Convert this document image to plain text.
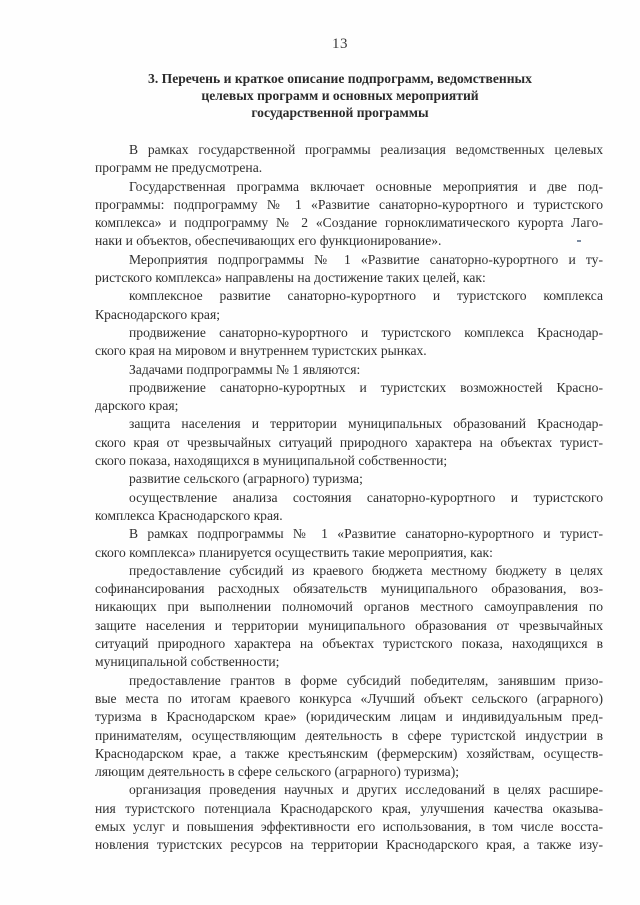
13
3. Перечень и краткое описание подпрограмм, ведомственных
целевых программ и основных мероприятий
государственной программы
В рамках государственной программы реализация ведомственных целевых
программ не предусмотрена.
Государственная программа включает основные мероприятия и две под-
программы: подпрограмму № 1 «Развитие санаторно-курортного и туристского
комплекса» и подпрограмму № 2 «Создание горноклиматического курорта Лаго-
наки и объектов, обеспечивающих его функционирование».
Мероприятия подпрограммы № 1 «Развитие санаторно-курортного и ту-
ристского комплекса» направлены на достижение таких целей, как:
комплексное развитие санаторно-курортного и туристского комплекса
Краснодарского края;
продвижение санаторно-курортного и туристского комплекса Краснодар-
ского края на мировом и внутреннем туристских рынках.
Задачами подпрограммы № 1 являются:
продвижение санаторно-курортных и туристских возможностей Красно-
дарского края;
защита населения и территории муниципальных образований Краснодар-
ского края от чрезвычайных ситуаций природного характера на объектах турист-
ского показа, находящихся в муниципальной собственности;
развитие сельского (аграрного) туризма;
осуществление анализа состояния санаторно-курортного и туристского
комплекса Краснодарского края.
В рамках подпрограммы № 1 «Развитие санаторно-курортного и турист-
ского комплекса» планируется осуществить такие мероприятия, как:
предоставление субсидий из краевого бюджета местному бюджету в целях
софинансирования расходных обязательств муниципального образования, воз-
никающих при выполнении полномочий органов местного самоуправления по
защите населения и территории муниципального образования от чрезвычайных
ситуаций природного характера на объектах туристского показа, находящихся в
муниципальной собственности;
предоставление грантов в форме субсидий победителям, занявшим призо-
вые места по итогам краевого конкурса «Лучший объект сельского (аграрного)
туризма в Краснодарском крае» (юридическим лицам и индивидуальным пред-
принимателям, осуществляющим деятельность в сфере туристской индустрии в
Краснодарском крае, а также крестьянским (фермерским) хозяйствам, осуществ-
ляющим деятельность в сфере сельского (аграрного) туризма);
организация проведения научных и других исследований в целях расшире-
ния туристского потенциала Краснодарского края, улучшения качества оказыва-
емых услуг и повышения эффективности его использования, в том числе восста-
новления туристских ресурсов на территории Краснодарского края, а также изу-
